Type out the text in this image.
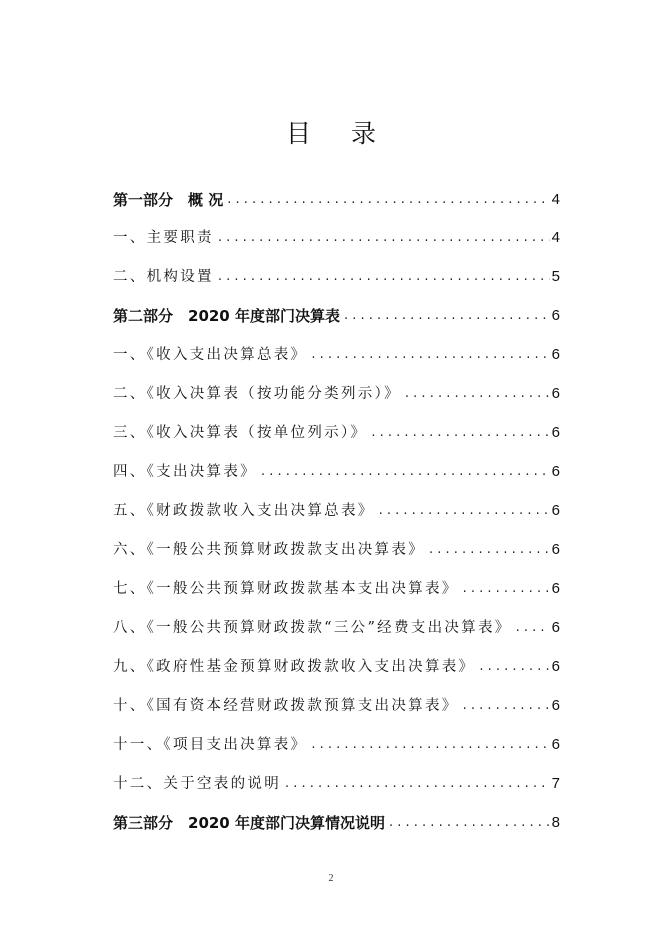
目 录
第一部分　概 况 . . .	4
一、主要职责 . . .	4
二、机构设置 . . .	5
第二部分　2020 年度部门决算表 . . .	6
一、《收入支出决算总表》 . . .	6
二、《收入决算表（按功能分类列示）》 . . .	6
三、《收入决算表（按单位列示）》 . . .	6
四、《支出决算表》 . . .	6
五、《财政拨款收入支出决算总表》 . . .	6
六、《一般公共预算财政拨款支出决算表》 . . .	6
七、《一般公共预算财政拨款基本支出决算表》 . . .	6
八、《一般公共预算财政拨款“三公”经费支出决算表》 . . .	6
九、《政府性基金预算财政拨款收入支出决算表》 . . .	6
十、《国有资本经营财政拨款预算支出决算表》 . . .	6
十一、《项目支出决算表》 . . .	6
十二、关于空表的说明 . . .	7
第三部分　2020 年度部门决算情况说明 . . .	8
2
